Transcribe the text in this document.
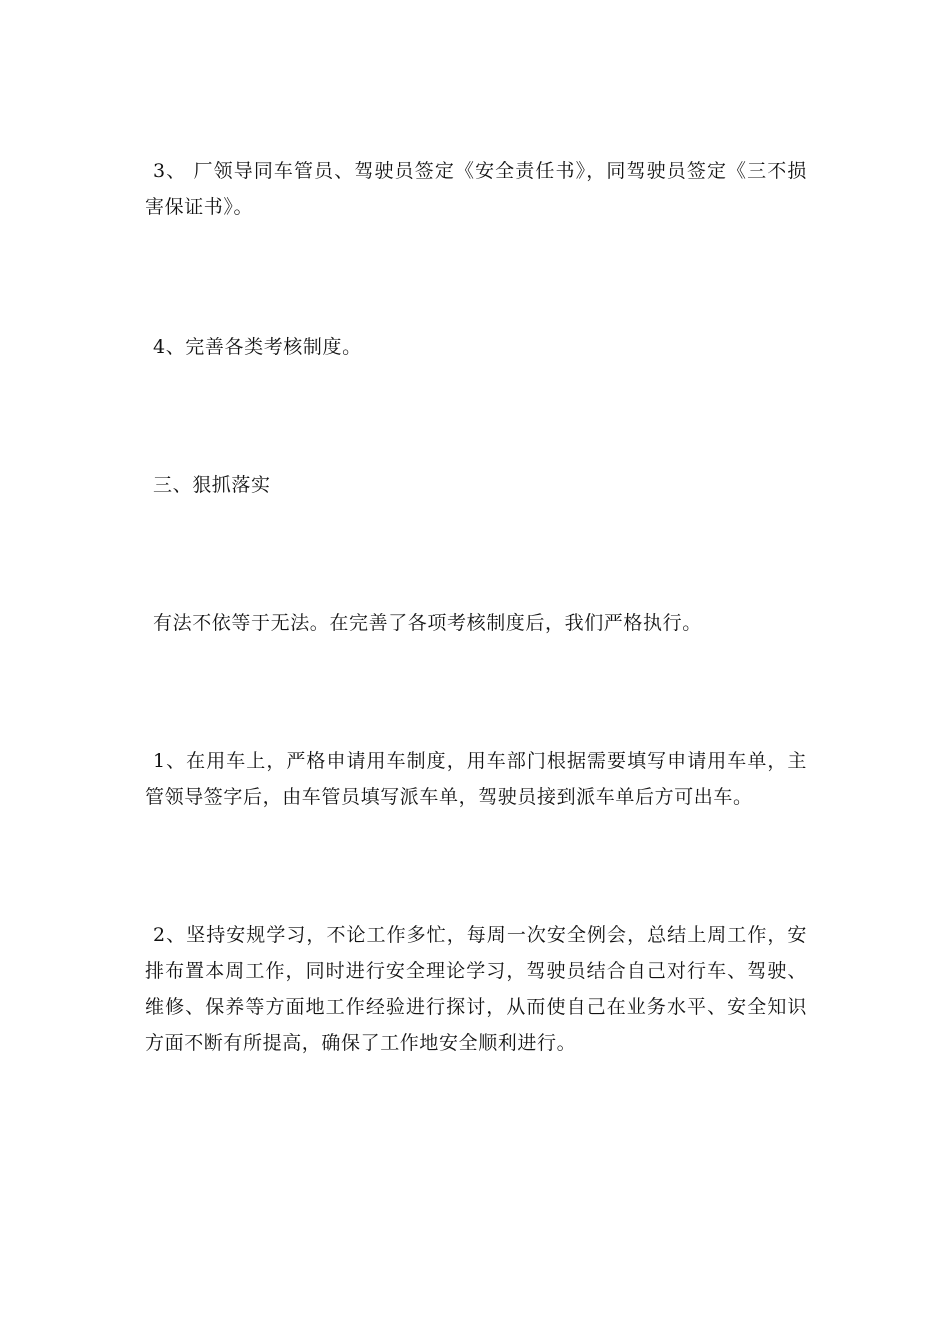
3、 厂领导同车管员、驾驶员签定《安全责任书》，同驾驶员签定《三不损害保证书》。

4、完善各类考核制度。

三、狠抓落实

有法不依等于无法。在完善了各项考核制度后，我们严格执行。

1、在用车上，严格申请用车制度，用车部门根据需要填写申请用车单，主管领导签字后，由车管员填写派车单，驾驶员接到派车单后方可出车。

2、坚持安规学习，不论工作多忙，每周一次安全例会，总结上周工作，安排布置本周工作，同时进行安全理论学习，驾驶员结合自己对行车、驾驶、维修、保养等方面地工作经验进行探讨，从而使自己在业务水平、安全知识方面不断有所提高，确保了工作地安全顺利进行。
